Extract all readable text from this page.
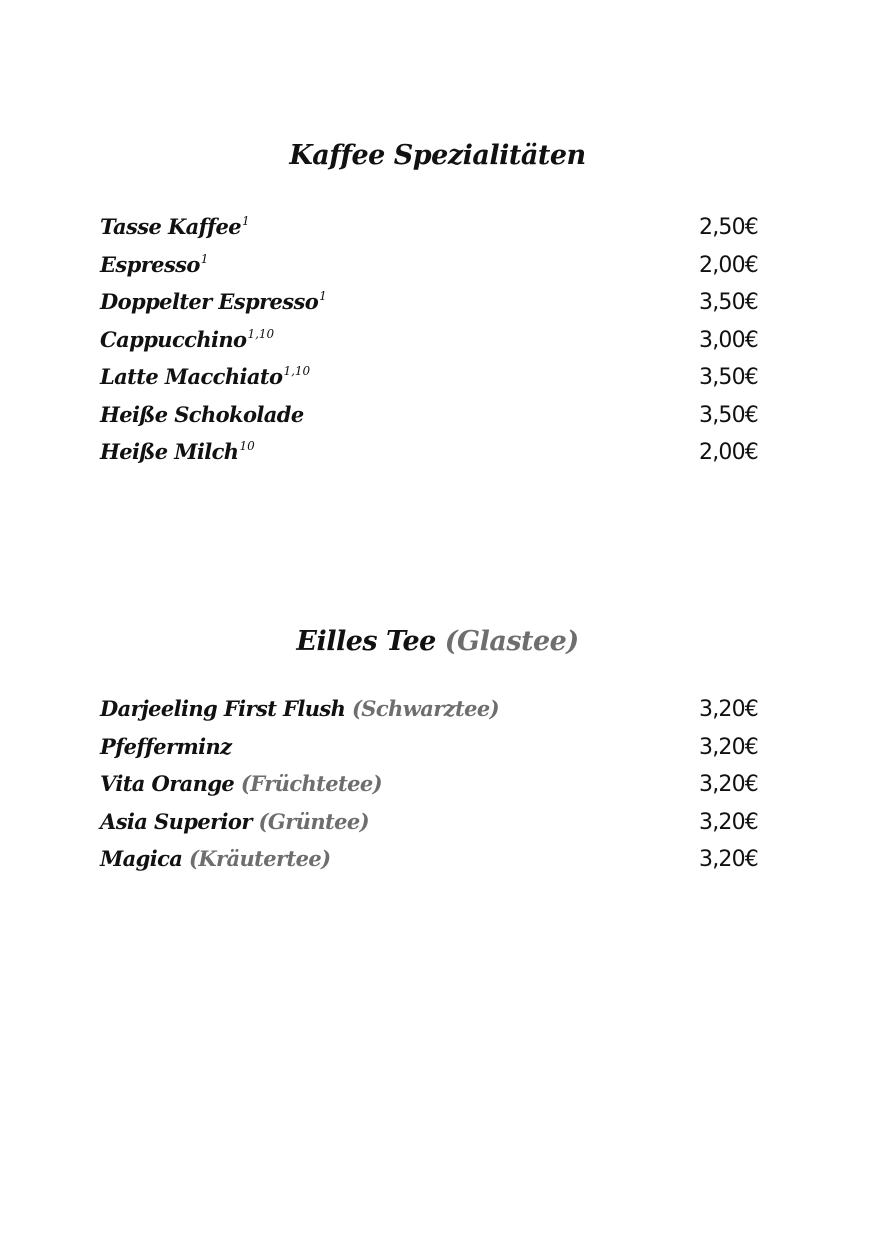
Kaffee Spezialitäten
Tasse Kaffee$^1$	2,50€
Espresso$^1$	2,00€
Doppelter Espresso$^1$	3,50€
Cappucchino$^{1,10}$	3,00€
Latte Macchiato$^{1,10}$	3,50€
Heiße Schokolade	3,50€
Heiße Milch$^{10}$	2,00€
Eilles Tee (Glastee)
Darjeeling First Flush (Schwarztee)	3,20€
Pfefferminz	3,20€
Vita Orange (Früchtetee)	3,20€
Asia Superior (Grüntee)	3,20€
Magica (Kräutertee)	3,20€
